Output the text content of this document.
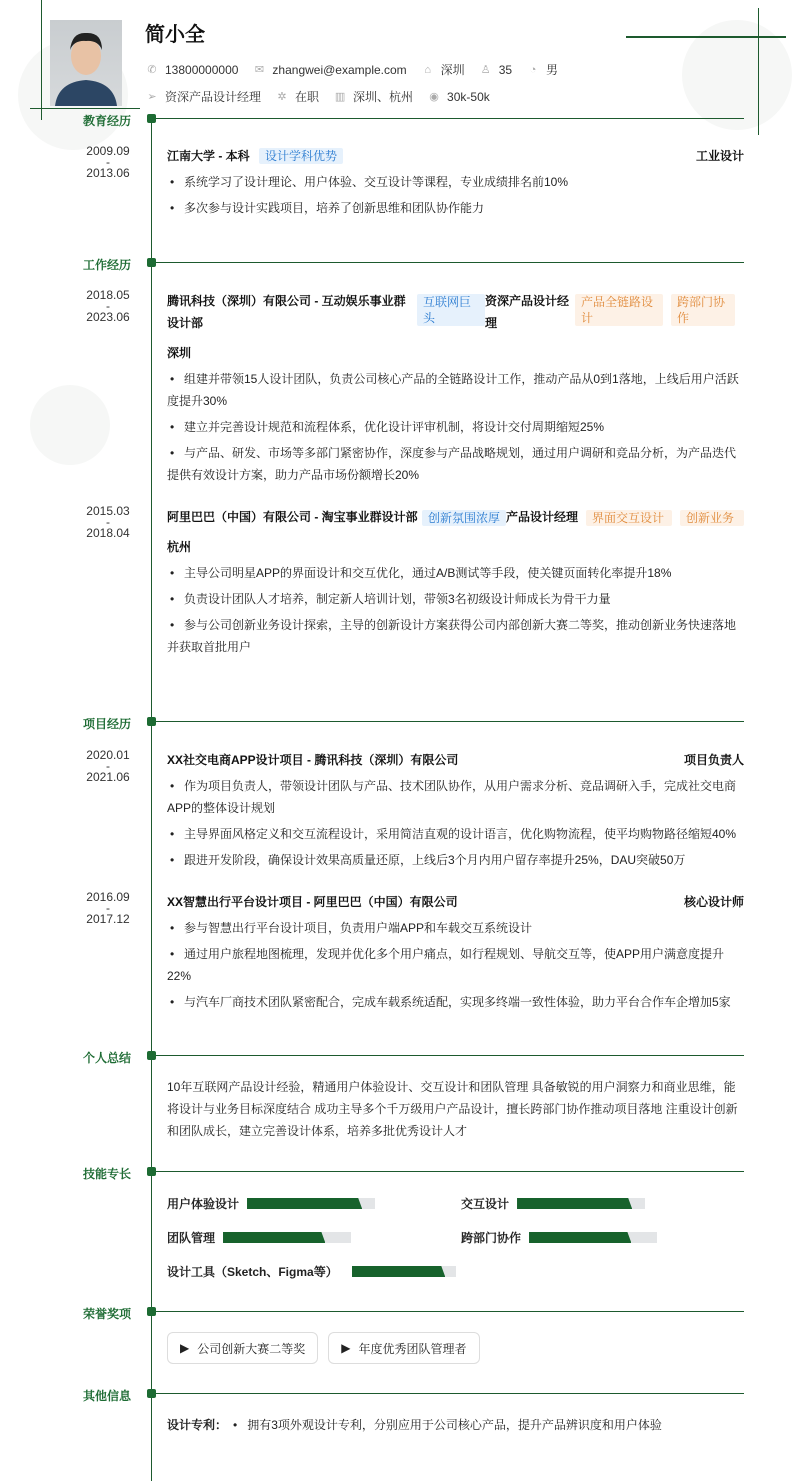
简小全
✆ 13800000000 ✉ zhangwei@example.com	⌂ 深圳 ♙ 35	◔ 男
➢ 资深产品设计经理 ✲ 在职 ▥ 深圳、杭州 ◉ 30k-50k
教育经历
2009.09
-
2013.06
江南大学 - 本科 设计学科优势	工业设计
• 系统学习了设计理论、用户体验、交互设计等课程，专业成绩排名前10%
• 多次参与设计实践项目，培养了创新思维和团队协作能力
工作经历
2018.05
-
2023.06
腾讯科技（深圳）有限公司 - 互动娱乐事业群设计部
互联网巨头
资深产品设计经理
产品全链路设计
跨部门协作
深圳
• 组建并带领15人设计团队，负责公司核心产品的全链路设计工作，推动产品从0到1落地，上线后用户活跃度提升30%
• 建立并完善设计规范和流程体系，优化设计评审机制，将设计交付周期缩短25%
• 与产品、研发、市场等多部门紧密协作，深度参与产品战略规划，通过用户调研和竞品分析，为产品迭代提供有效设计方案，助力产品市场份额增长20%
2015.03
-
2018.04
阿里巴巴（中国）有限公司 - 淘宝事业群设计部 创新氛围浓厚 产品设计经理	界面交互设计	创新业务
杭州
• 主导公司明星APP的界面设计和交互优化，通过A/B测试等手段，使关键页面转化率提升18%
• 负责设计团队人才培养，制定新人培训计划，带领3名初级设计师成长为骨干力量
• 参与公司创新业务设计探索，主导的创新设计方案获得公司内部创新大赛二等奖，推动创新业务快速落地并获取首批用户
项目经历
2020.01
-
2021.06
XX社交电商APP设计项目 - 腾讯科技（深圳）有限公司	项目负责人
• 作为项目负责人，带领设计团队与产品、技术团队协作，从用户需求分析、竞品调研入手，完成社交电商APP的整体设计规划
• 主导界面风格定义和交互流程设计，采用简洁直观的设计语言，优化购物流程，使平均购物路径缩短40%
• 跟进开发阶段，确保设计效果高质量还原，上线后3个月内用户留存率提升25%，DAU突破50万
2016.09
-
2017.12
XX智慧出行平台设计项目 - 阿里巴巴（中国）有限公司	核心设计师
• 参与智慧出行平台设计项目，负责用户端APP和车载交互系统设计
• 通过用户旅程地图梳理，发现并优化多个用户痛点，如行程规划、导航交互等，使APP用户满意度提升22%
• 与汽车厂商技术团队紧密配合，完成车载系统适配，实现多终端一致性体验，助力平台合作车企增加5家
个人总结
10年互联网产品设计经验，精通用户体验设计、交互设计和团队管理 具备敏锐的用户洞察力和商业思维，能将设计与业务目标深度结合 成功主导多个千万级用户产品设计，擅长跨部门协作推动项目落地 注重设计创新和团队成长，建立完善设计体系，培养多批优秀设计人才
技能专长
用户体验设计	交互设计
团队管理	跨部门协作
设计工具（Sketch、Figma等）
荣誉奖项
▶ 公司创新大赛二等奖	▶ 年度优秀团队管理者
其他信息
设计专利： •   拥有3项外观设计专利，分别应用于公司核心产品，提升产品辨识度和用户体验
